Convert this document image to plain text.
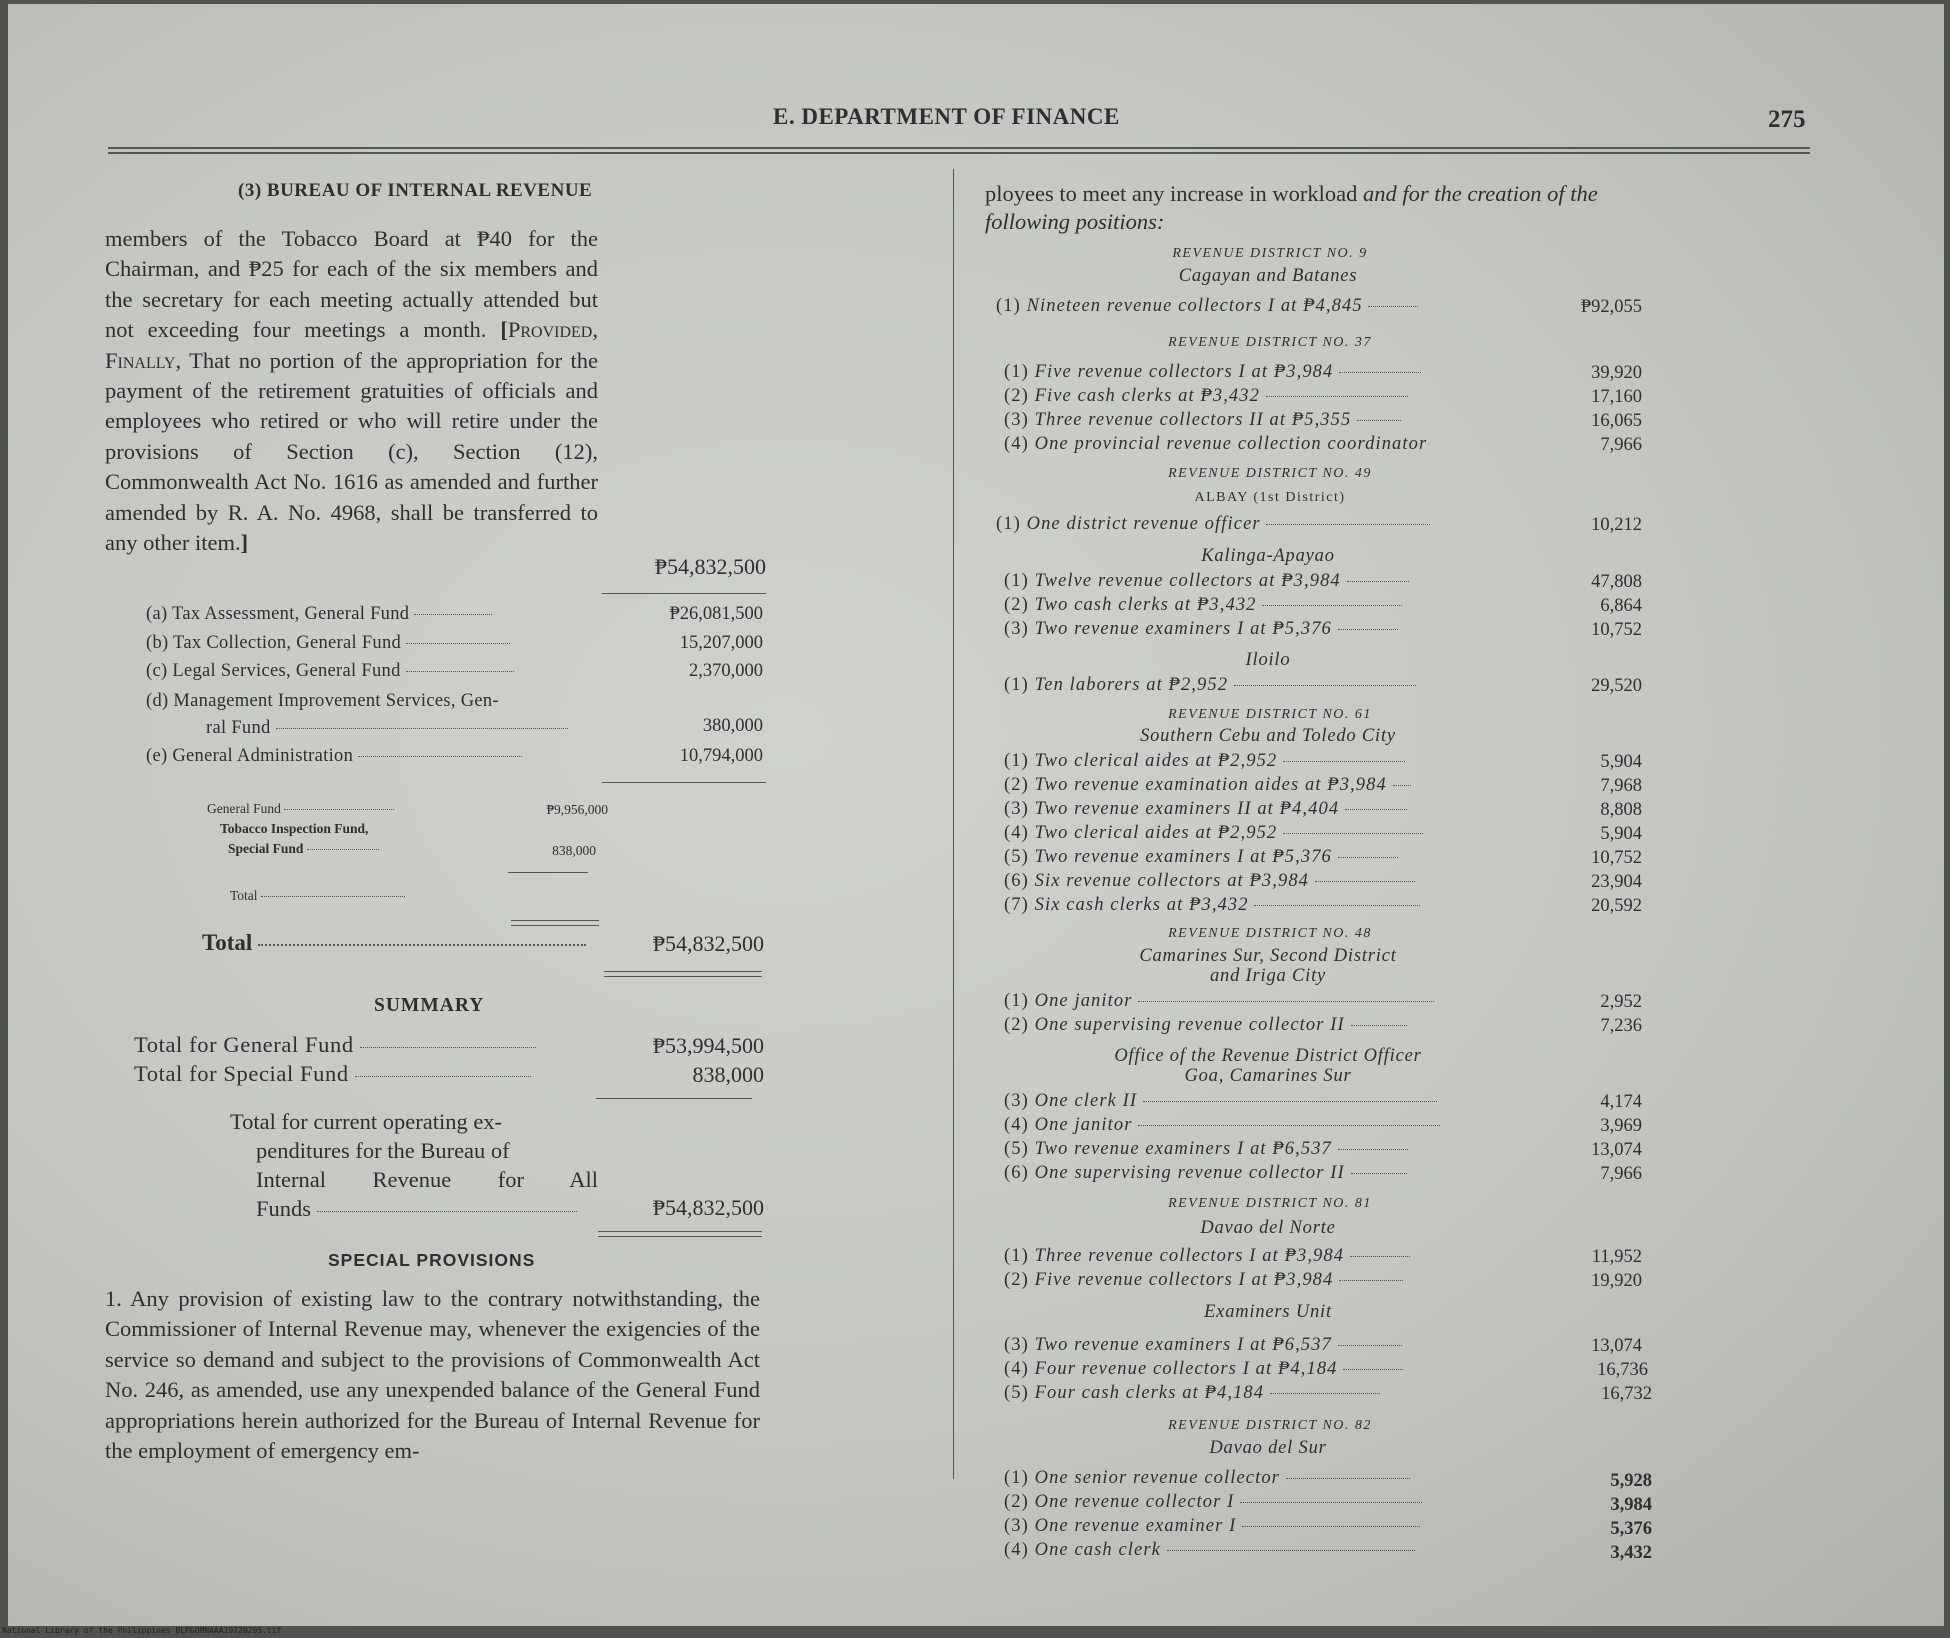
E. DEPARTMENT OF FINANCE	275
(3) BUREAU OF INTERNAL REVENUE
members of the Tobacco Board at ₱40 for the Chairman, and ₱25 for each of the six members and the secretary for each meeting actually attended but not exceeding four meetings a month. [Provided, Finally, That no portion of the appropriation for the payment of the retirement gratuities of officials and employees who retired or who will retire under the provisions of Section (c), Section (12), Commonwealth Act No. 1616 as amended and further amended by R. A. No. 4968, shall be transferred to any other item.]
₱54,832,500
(a) Tax Assessment, General Fund	₱26,081,500
(b) Tax Collection, General Fund	15,207,000
(c) Legal Services, General Fund	2,370,000
(d) Management Improvement Services, Gen-
ral Fund	380,000
(e) General Administration	10,794,000
General Fund	₱9,956,000
Tobacco Inspection Fund,
Special Fund	838,000
Total
Total	₱54,832,500
SUMMARY
Total for General Fund	₱53,994,500
Total for Special Fund	838,000
Total for current operating ex-
penditures for the Bureau of
Internal Revenue for All
Funds	₱54,832,500
SPECIAL PROVISIONS
1. Any provision of existing law to the contrary notwithstanding, the Commissioner of Internal Revenue may, whenever the exigencies of the service so demand and subject to the provisions of Commonwealth Act No. 246, as amended, use any unexpended balance of the General Fund appropriations herein authorized for the Bureau of Internal Revenue for the employment of emergency em-
ployees to meet any increase in workload and for the creation of the following positions:
REVENUE DISTRICT NO. 9
Cagayan and Batanes
(1) Nineteen revenue collectors I at ₱4,845	₱92,055
REVENUE DISTRICT NO. 37
(1) Five revenue collectors I at ₱3,984	39,920
(2) Five cash clerks at ₱3,432	17,160
(3) Three revenue collectors II at ₱5,355	16,065
(4) One provincial revenue collection coordinator	7,966
REVENUE DISTRICT NO. 49
ALBAY (1st District)
(1) One district revenue officer	10,212
Kalinga-Apayao
(1) Twelve revenue collectors at ₱3,984	47,808
(2) Two cash clerks at ₱3,432	6,864
(3) Two revenue examiners I at ₱5,376	10,752
Iloilo
(1) Ten laborers at ₱2,952	29,520
REVENUE DISTRICT NO. 61
Southern Cebu and Toledo City
(1) Two clerical aides at ₱2,952	5,904
(2) Two revenue examination aides at ₱3,984	7,968
(3) Two revenue examiners II at ₱4,404	8,808
(4) Two clerical aides at ₱2,952	5,904
(5) Two revenue examiners I at ₱5,376	10,752
(6) Six revenue collectors at ₱3,984	23,904
(7) Six cash clerks at ₱3,432	20,592
REVENUE DISTRICT NO. 48
Camarines Sur, Second District
and Iriga City
(1) One janitor	2,952
(2) One supervising revenue collector II	7,236
Office of the Revenue District Officer
Goa, Camarines Sur
(3) One clerk II	4,174
(4) One janitor	3,969
(5) Two revenue examiners I at ₱6,537	13,074
(6) One supervising revenue collector II	7,966
REVENUE DISTRICT NO. 81
Davao del Norte
(1) Three revenue collectors I at ₱3,984	11,952
(2) Five revenue collectors I at ₱3,984	19,920
Examiners Unit
(3) Two revenue examiners I at ₱6,537	13,074
(4) Four revenue collectors I at ₱4,184	16,736
(5) Four cash clerks at ₱4,184	16,732
REVENUE DISTRICT NO. 82
Davao del Sur
(1) One senior revenue collector	5,928
(2) One revenue collector I	3,984
(3) One revenue examiner I	5,376
(4) One cash clerk	3,432
National Library of the Philippines BLPGOMNAAA19720295.tif
